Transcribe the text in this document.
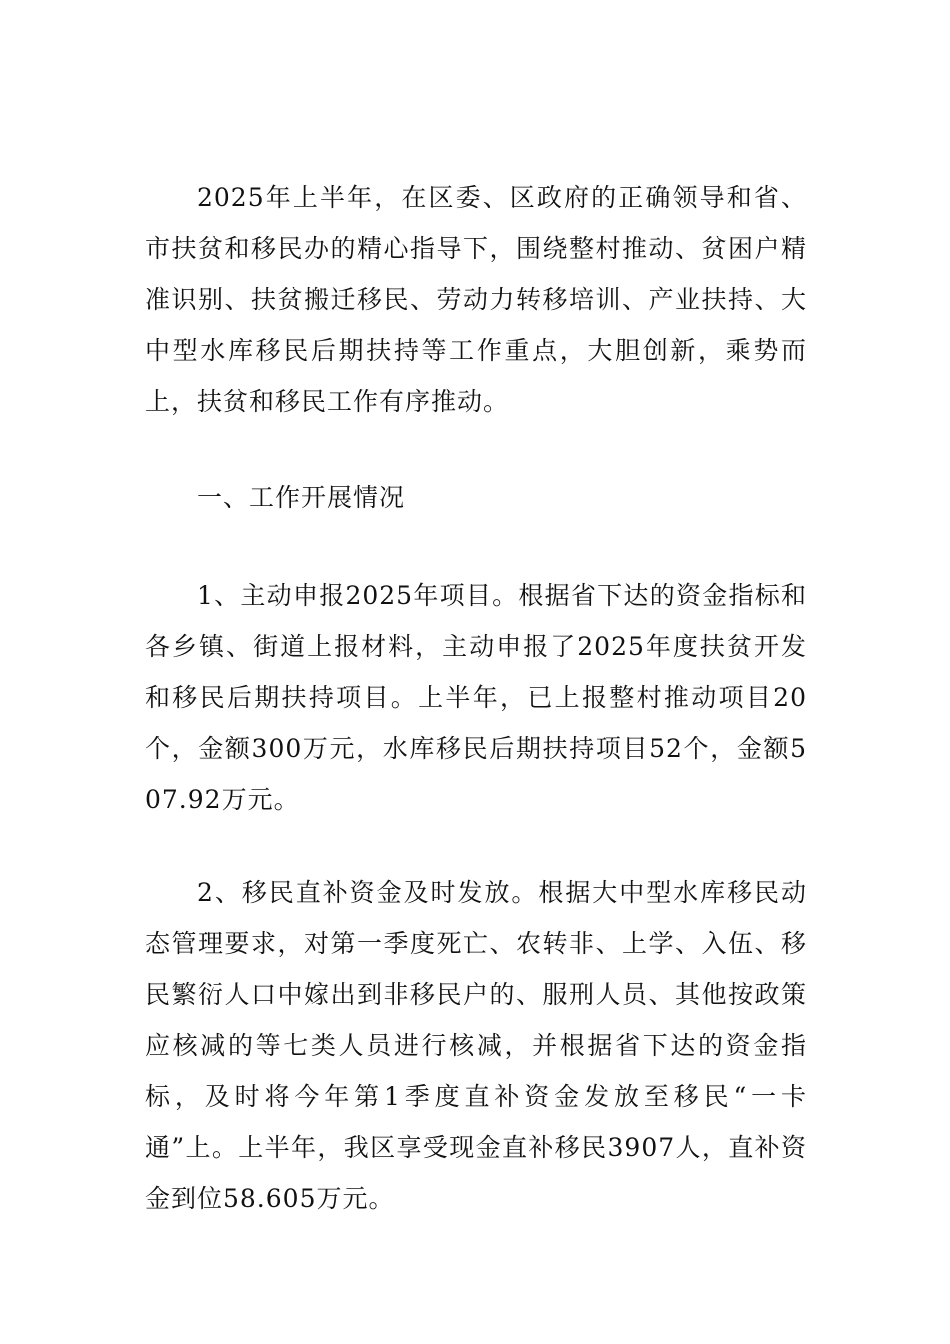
2025年上半年，在区委、区政府的正确领导和省、市扶贫和移民办的精心指导下，围绕整村推动、贫困户精准识别、扶贫搬迁移民、劳动力转移培训、产业扶持、大中型水库移民后期扶持等工作重点，大胆创新，乘势而上，扶贫和移民工作有序推动。

一、工作开展情况

1、主动申报2025年项目。根据省下达的资金指标和各乡镇、街道上报材料，主动申报了2025年度扶贫开发和移民后期扶持项目。上半年，已上报整村推动项目20个，金额300万元，水库移民后期扶持项目52个，金额507.92万元。

2、移民直补资金及时发放。根据大中型水库移民动态管理要求，对第一季度死亡、农转非、上学、入伍、移民繁衍人口中嫁出到非移民户的、服刑人员、其他按政策应核减的等七类人员进行核减，并根据省下达的资金指标，及时将今年第1季度直补资金发放至移民“一卡通”上。上半年，我区享受现金直补移民3907人，直补资金到位58.605万元。
